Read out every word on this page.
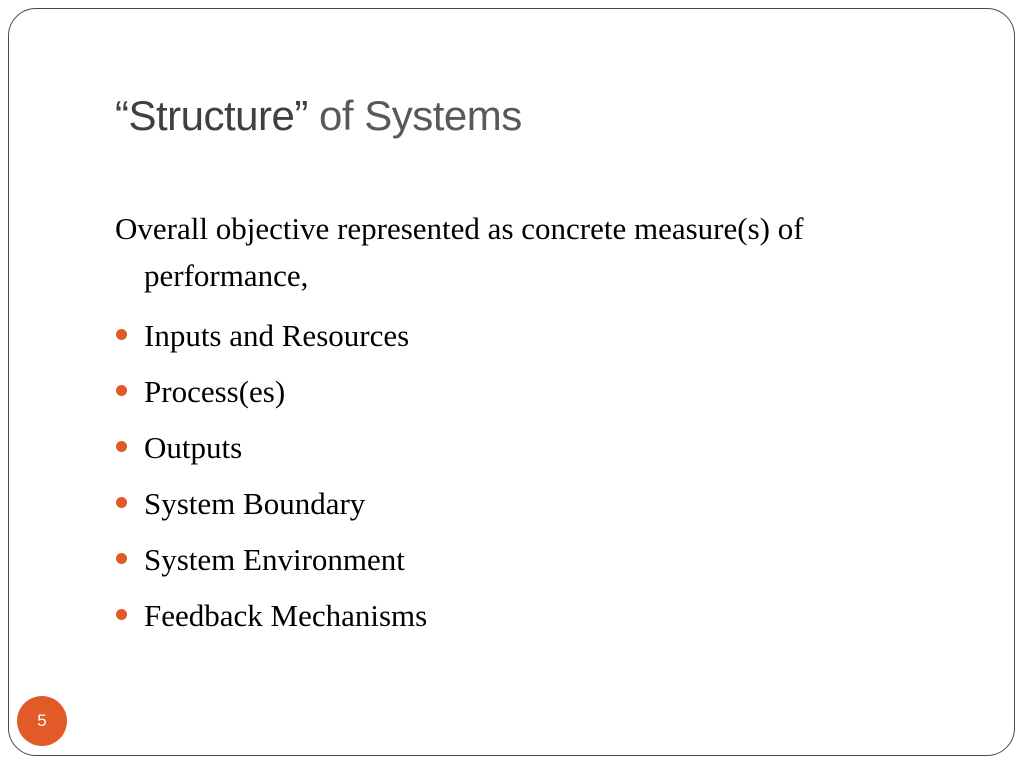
“Structure” of Systems

Overall objective represented as concrete measure(s) of performance,

Inputs and Resources
Process(es)
Outputs
System Boundary
System Environment
Feedback Mechanisms
5
